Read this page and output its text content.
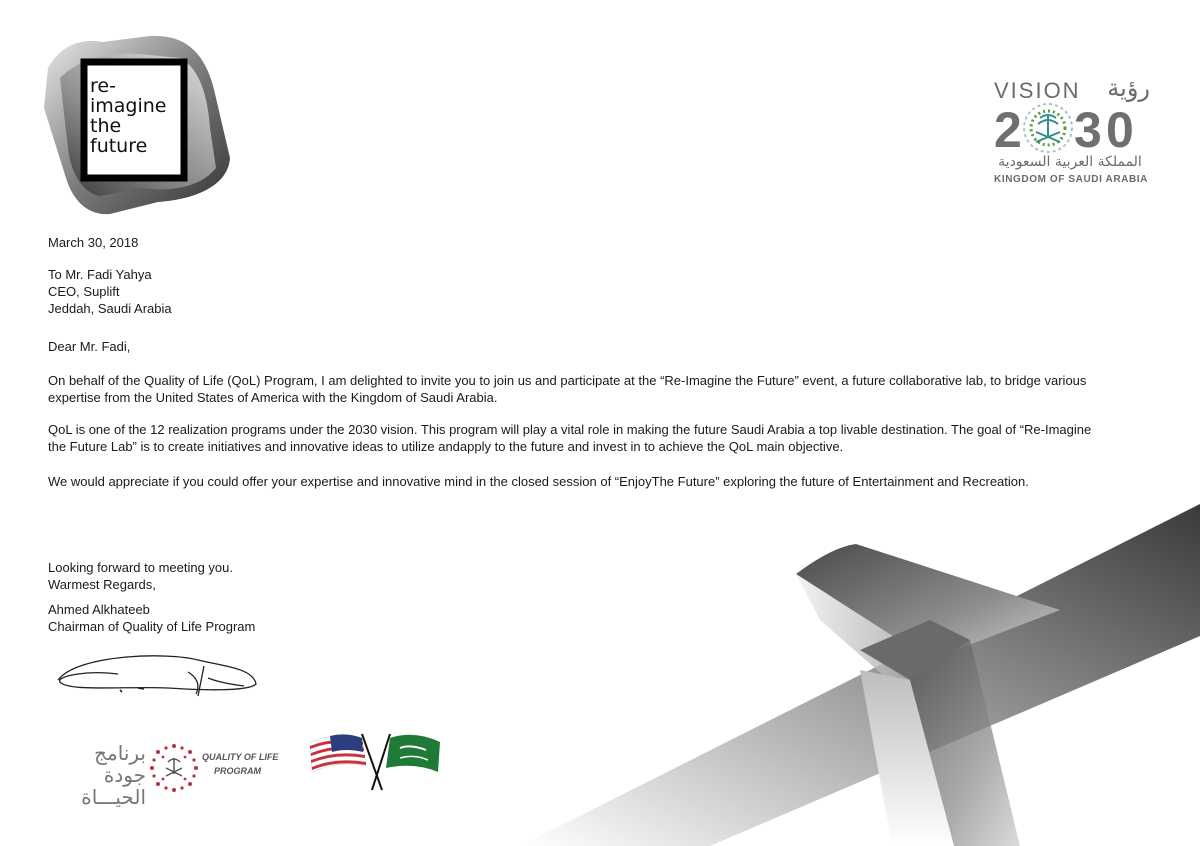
re-
imagine
the
future
VISION رؤية
2 3 0
المملكة العربية السعودية
KINGDOM OF SAUDI ARABIA

March 30, 2018

To Mr. Fadi Yahya

CEO, Suplift

Jeddah, Saudi Arabia

Dear Mr. Fadi,

On behalf of the Quality of Life (QoL) Program, I am delighted to invite you to join us and participate at the “Re-Imagine the Future” event, a future collaborative lab, to bridge various

expertise from the United States of America with the Kingdom of Saudi Arabia.

QoL is one of the 12 realization programs under the 2030 vision. This program will play a vital role in making the future Saudi Arabia a top livable destination. The goal of “Re-Imagine

the Future Lab” is to create initiatives and innovative ideas to utilize andapply to the future and invest in to achieve the QoL main objective.

We would appreciate if you could offer your expertise and innovative mind in the closed session of “EnjoyThe Future” exploring the future of Entertainment and Recreation.

Looking forward to meeting you.

Warmest Regards,

Ahmed Alkhateeb

Chairman of Quality of Life Program

برنامج جودة
الحيـــاة
QUALITY OF LIFE
PROGRAM
